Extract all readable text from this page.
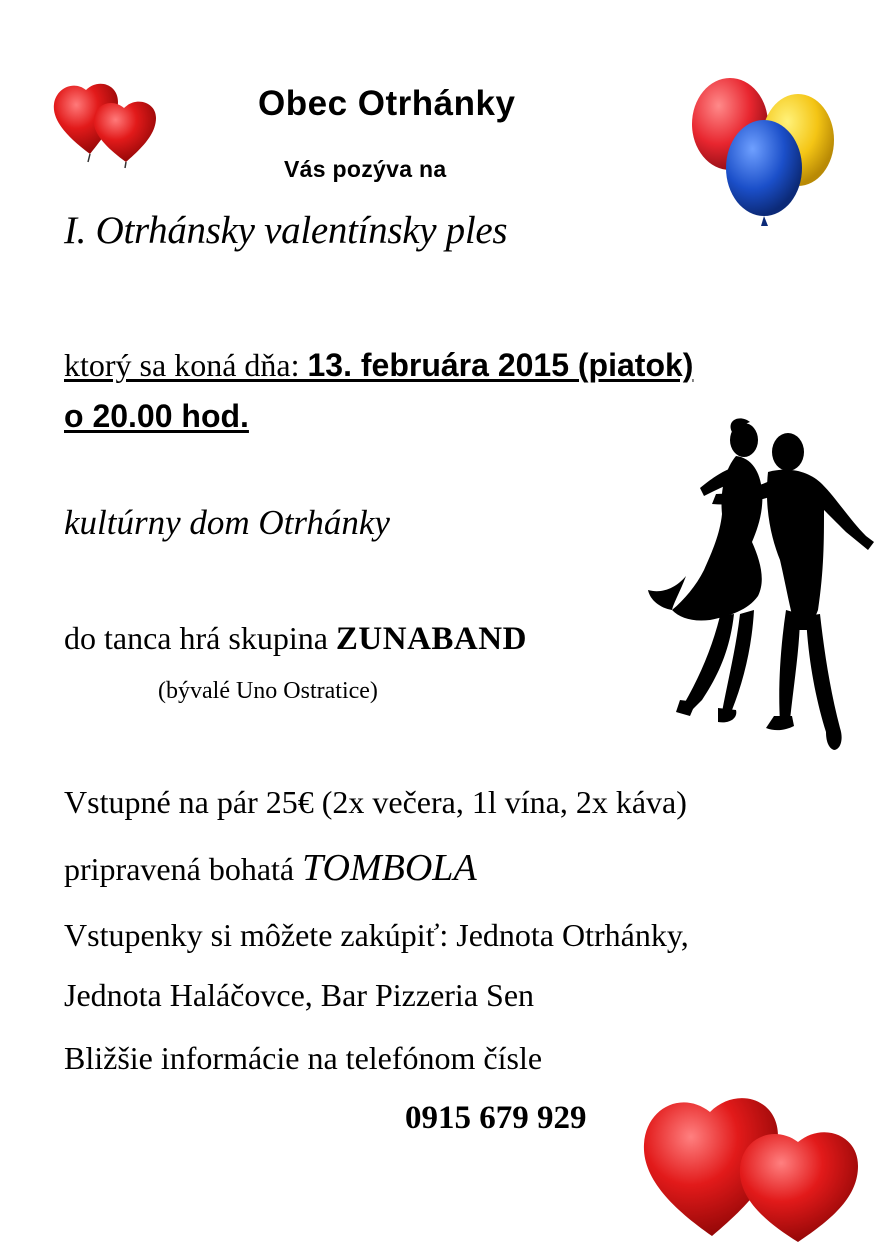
Obec Otrhánky
Vás pozýva na
I. Otrhánsky valentínsky ples
ktorý sa koná dňa: 13. februára 2015 (piatok)
o 20.00 hod.
kultúrny dom Otrhánky
do tanca hrá skupina ZUNABAND
(bývalé Uno Ostratice)
Vstupné na pár 25€ (2x večera, 1l vína, 2x káva)
pripravená bohatá TOMBOLA
Vstupenky si môžete zakúpiť: Jednota Otrhánky,
Jednota Haláčovce, Bar Pizzeria Sen
Bližšie informácie na telefónom čísle
0915 679 929
